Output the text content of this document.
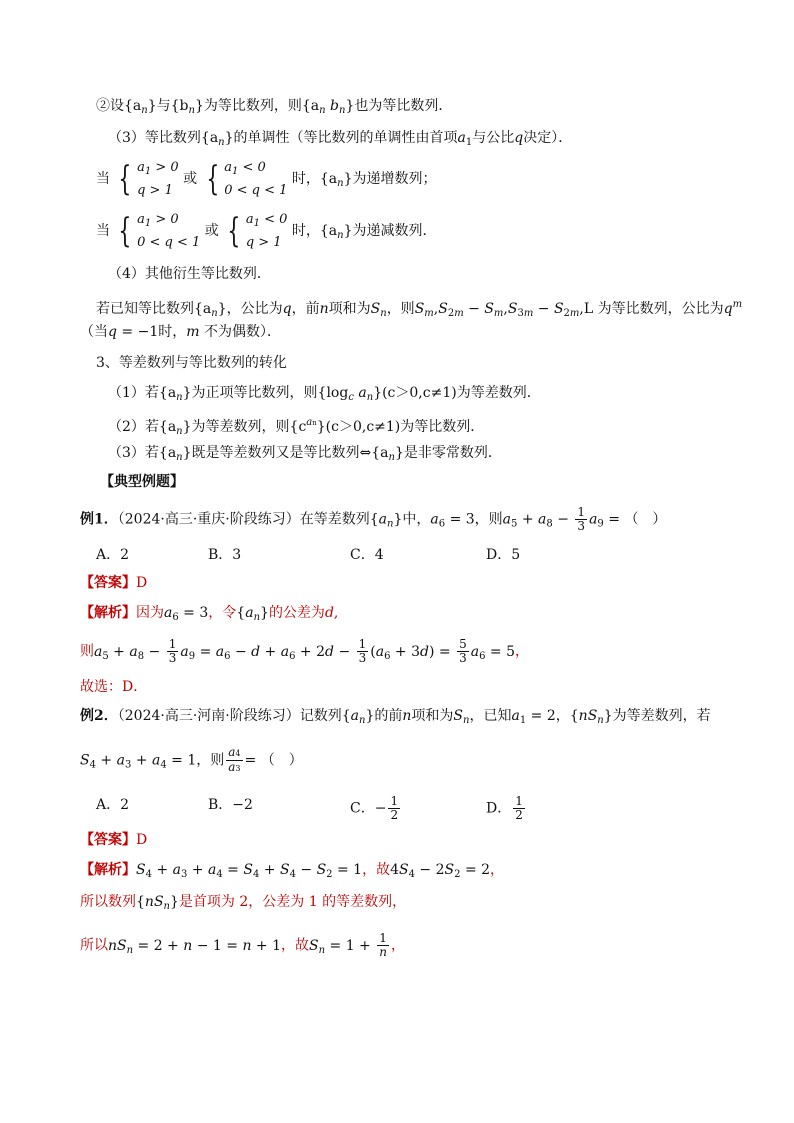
②设$\{a_n\}$与$\{b_n\}$为等比数列，则{$a_n$ $b_n$}也为等比数列．
（3）等比数列$\{a_n\}$的单调性（等比数列的单调性由首项$a_1$与公比q决定）．
当 { $a_1 > 0$
q > 1
或 { $a_1 < 0$
0 < q < 1
时，$\{a_n\}$为递增数列；
当 { $a_1 > 0$
0 < q < 1
或 { $a_1 < 0$
q > 1
时，$\{a_n\}$为递减数列．
（4）其他衍生等比数列．
若已知等比数列$\{a_n\}$，公比为q，前n项和为$S_n$，则$S_m,S_{2m} - S_m,S_{3m} - S_{2m},L$ 为等比数列，公比为$q^m$
（当q = −1时，m 不为偶数）．
3、等差数列与等比数列的转化
（1）若$\{a_n\}$为正项等比数列，则{$\log_c$ $a_n\}(c>0,c\ne 1)$为等差数列．
（2）若$\{a_n\}$为等差数列，则$\{c^{an}\}(c>0,c\ne 1)$为等比数列．
（3）若$\{a_n\}$既是等差数列又是等比数列$\Leftrightarrow\{a_n\}$是非零常数列．
【典型例题】
例1．（2024·高三·重庆·阶段练习）在等差数列$\{a_n\}$中，$a_6 = 3$，则$a_5 + a_8 - \frac{1}{3} a_9$ = （　）
A．2	B．3	C．4	D．5
【答案】D
【解析】因为$a_6 = 3$，令$\{a_n\}$的公差为d,
则$a_5 + a_8 - \frac{1}{3} a_9 = a_6 - d + a_6 + 2d - \frac{1}{3} (a_6 + 3d) = \frac{5}{3} a_6 = 5$，
故选：D．
例2．（2024·高三·河南·阶段练习）记数列$\{a_n\}$的前n项和为$S_n$，已知$a_1 = 2$，$\{nS_n\}$为等差数列，若
$S_4 + a_3 + a_4 = 1$，则 $\frac{a4}{a3}$ = （　）
A．2	B．−2	C．− $\frac{1}{2}$	D． $\frac{1}{2}$
【答案】D
【解析】$S_4 + a_3 + a_4 = S_4 + S_4 - S_2 = 1$，故$4S_4 - 2S_2 = 2$，
所以数列$\{nS_n\}$是首项为 2，公差为 1 的等差数列，
所以$nS_n = 2 + n - 1 = n + 1$，故$S_n = 1 + \frac{1}{n}$ ，
